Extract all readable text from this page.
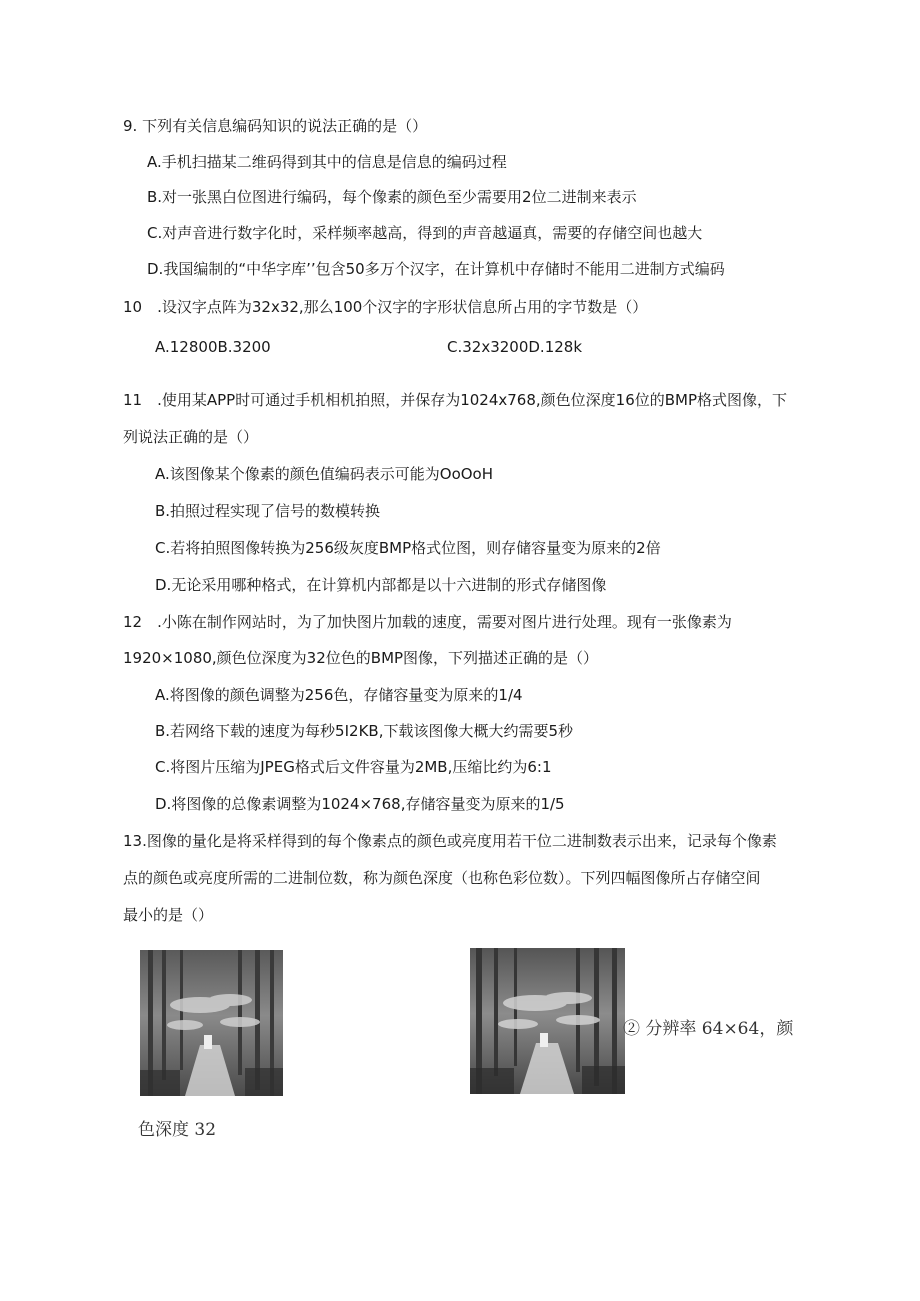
9. 下列有关信息编码知识的说法正确的是（）
A.手机扫描某二维码得到其中的信息是信息的编码过程
B.对一张黑白位图进行编码，每个像素的颜色至少需要用2位二进制来表示
C.对声音进行数字化时，采样频率越高，得到的声音越逼真，需要的存储空间也越大
D.我国编制的“中华字库’’包含50多万个汉字，在计算机中存储时不能用二进制方式编码
10　.设汉字点阵为32x32,那么100个汉字的字形状信息所占用的字节数是（）
A.12800B.3200	C.32x3200D.128k
11　.使用某APP时可通过手机相机拍照，并保存为1024x768,颜色位深度16位的BMP格式图像，下
列说法正确的是（）
A.该图像某个像素的颜色值编码表示可能为OoOoH
B.拍照过程实现了信号的数模转换
C.若将拍照图像转换为256级灰度BMP格式位图，则存储容量变为原来的2倍
D.无论采用哪种格式，在计算机内部都是以十六进制的形式存储图像
12　.小陈在制作网站时，为了加快图片加载的速度，需要对图片进行处理。现有一张像素为
1920×1080,颜色位深度为32位色的BMP图像，下列描述正确的是（）
A.将图像的颜色调整为256色，存储容量变为原来的1/4
B.若网络下载的速度为每秒5I2KB,下载该图像大概大约需要5秒
C.将图片压缩为JPEG格式后文件容量为2MB,压缩比约为6:1
D.将图像的总像素调整为1024×768,存储容量变为原来的1/5
13.图像的量化是将采样得到的每个像素点的颜色或亮度用若干位二进制数表示出来，记录每个像素
点的颜色或亮度所需的二进制位数，称为颜色深度（也称色彩位数）。下列四幅图像所占存储空间
最小的是（）
② 分辨率 64×64，颜
色深度 32
